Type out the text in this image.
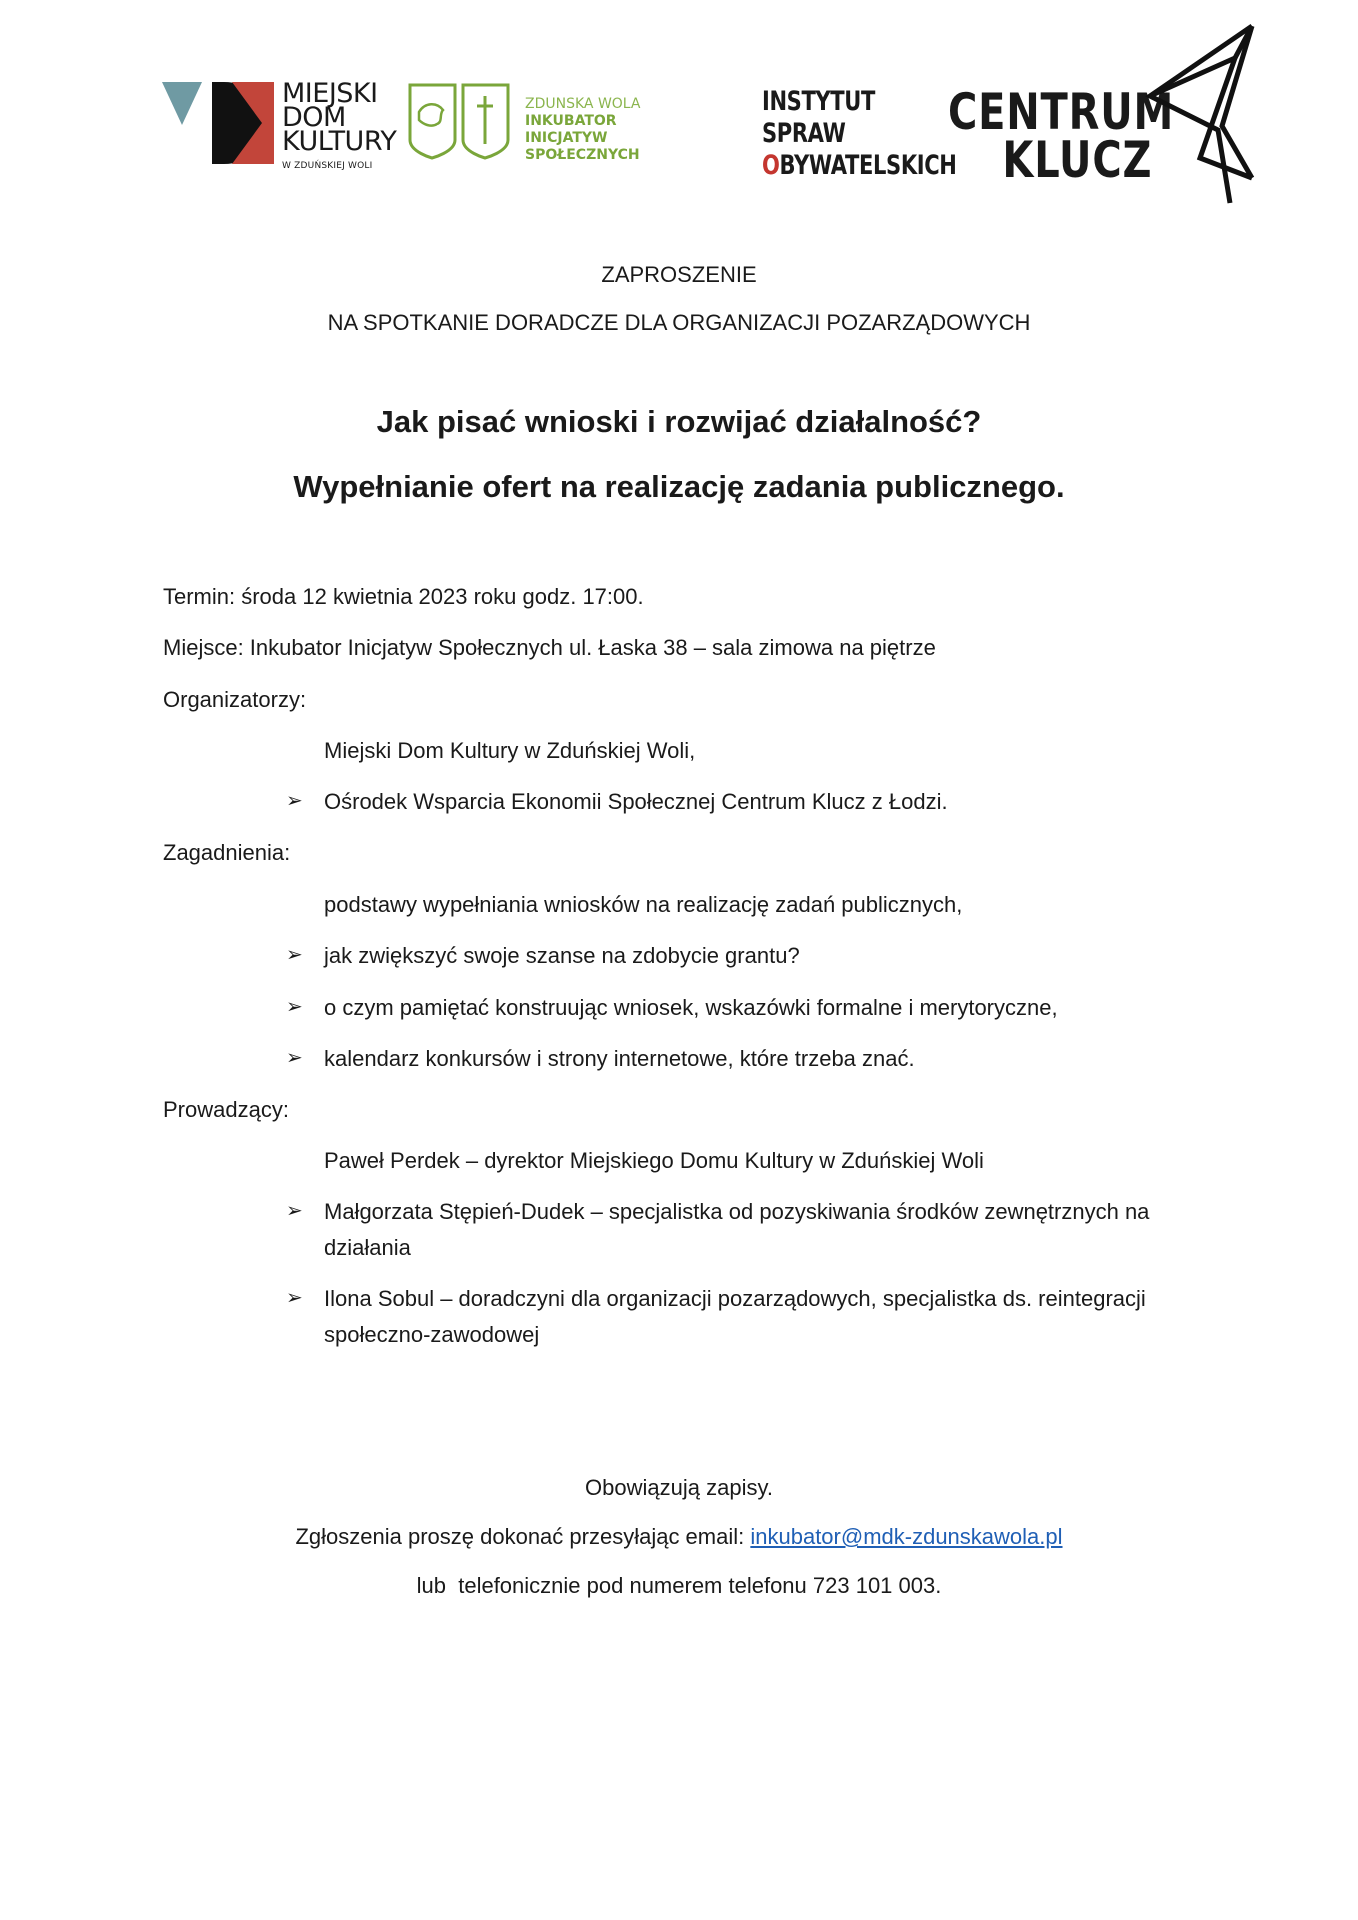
MIEJSKI
DOM
KULTURY
W ZDUŃSKIEJ WOLI
ZDUNSKA WOLA
INKUBATOR INICJATYW
SPOŁECZNYCH
INSTYTUT
SPRAW
OBYWATELSKICH
CENTRUM
KLUCZ
ZAPROSZENIE
NA SPOTKANIE DORADCZE DLA ORGANIZACJI POZARZĄDOWYCH
Jak pisać wnioski i rozwijać działalność?
Wypełnianie ofert na realizację zadania publicznego.
Termin: środa 12 kwietnia 2023 roku godz. 17:00.
Miejsce: Inkubator Inicjatyw Społecznych ul. Łaska 38 – sala zimowa na piętrze
Organizatorzy:
Miejski Dom Kultury w Zduńskiej Woli,
➢ Ośrodek Wsparcia Ekonomii Społecznej Centrum Klucz z Łodzi.
Zagadnienia:
podstawy wypełniania wniosków na realizację zadań publicznych,
➢ jak zwiększyć swoje szanse na zdobycie grantu?
➢ o czym pamiętać konstruując wniosek, wskazówki formalne i merytoryczne,
➢ kalendarz konkursów i strony internetowe, które trzeba znać.
Prowadzący:
Paweł Perdek – dyrektor Miejskiego Domu Kultury w Zduńskiej Woli
➢ Małgorzata Stępień-Dudek – specjalistka od pozyskiwania środków zewnętrznych na
działania
➢ Ilona Sobul – doradczyni dla organizacji pozarządowych, specjalistka ds. reintegracji
społeczno-zawodowej
Obowiązują zapisy.
Zgłoszenia proszę dokonać przesyłając email: inkubator@mdk-zdunskawola.pl
lub  telefonicznie pod numerem telefonu 723 101 003.
